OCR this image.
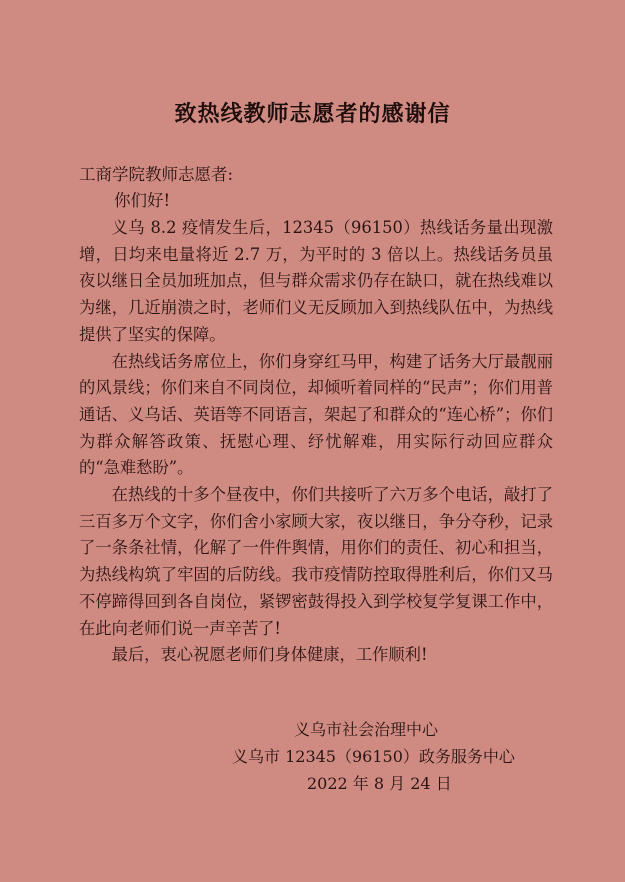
致热线教师志愿者的感谢信
工商学院教师志愿者:
你们好!

义乌 8.2 疫情发生后，12345（96150）热线话务量出现激增，日均来电量将近 2.7 万，为平时的 3 倍以上。热线话务员虽夜以继日全员加班加点，但与群众需求仍存在缺口，就在热线难以为继，几近崩溃之时，老师们义无反顾加入到热线队伍中，为热线提供了坚实的保障。

在热线话务席位上，你们身穿红马甲，构建了话务大厅最靓丽的风景线；你们来自不同岗位，却倾听着同样的“民声”；你们用普通话、义乌话、英语等不同语言，架起了和群众的“连心桥”；你们为群众解答政策、抚慰心理、纾忧解难，用实际行动回应群众的“急难愁盼”。

在热线的十多个昼夜中，你们共接听了六万多个电话，敲打了三百多万个文字，你们舍小家顾大家，夜以继日，争分夺秒，记录了一条条社情，化解了一件件舆情，用你们的责任、初心和担当，为热线构筑了牢固的后防线。我市疫情防控取得胜利后，你们又马不停蹄得回到各自岗位，紧锣密鼓得投入到学校复学复课工作中，在此向老师们说一声辛苦了!

最后，衷心祝愿老师们身体健康，工作顺利!

义乌市社会治理中心
义乌市 12345（96150）政务服务中心
2022 年 8 月 24 日
